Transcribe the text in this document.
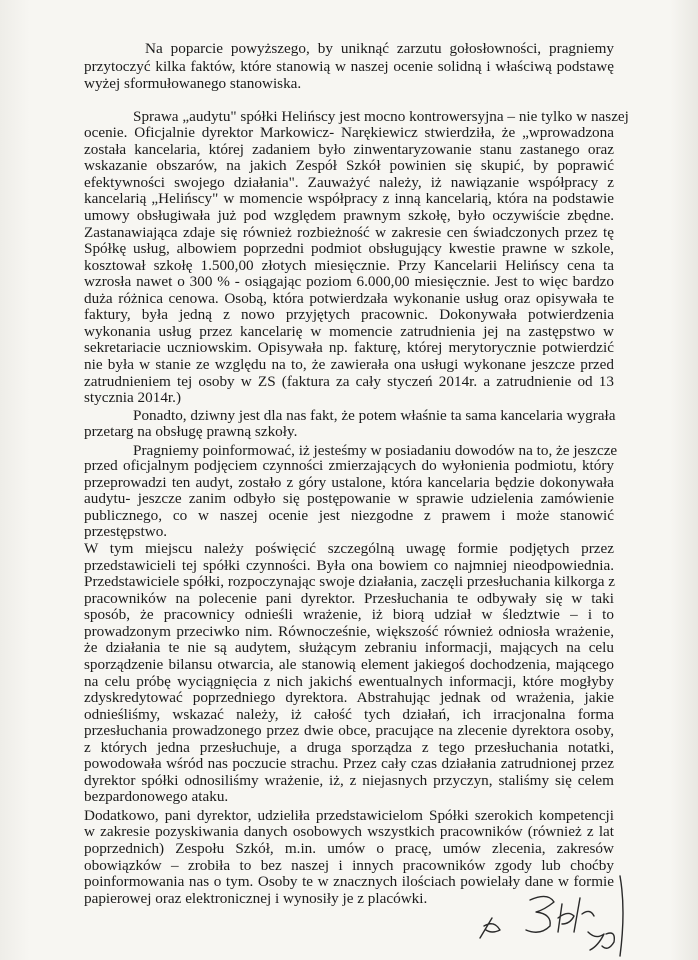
Na poparcie powyższego, by uniknąć zarzutu gołosłowności, pragniemy
przytoczyć kilka faktów, które stanowią w naszej ocenie solidną i właściwą podstawę
wyżej sformułowanego stanowiska.
Sprawa „audytu" spółki Helińscy jest mocno kontrowersyjna – nie tylko w naszej
ocenie. Oficjalnie dyrektor Markowicz- Narękiewicz stwierdziła, że „wprowadzona
została kancelaria, której zadaniem było zinwentaryzowanie stanu zastanego oraz
wskazanie obszarów, na jakich Zespół Szkół powinien się skupić, by poprawić
efektywności swojego działania". Zauważyć należy, iż nawiązanie współpracy z
kancelarią „Helińscy" w momencie współpracy z inną kancelarią, która na podstawie
umowy obsługiwała już pod względem prawnym szkołę, było oczywiście zbędne.
Zastanawiająca zdaje się również rozbieżność w zakresie cen świadczonych przez tę
Spółkę usług, albowiem poprzedni podmiot obsługujący kwestie prawne w szkole,
kosztował szkołę 1.500,00 złotych miesięcznie. Przy Kancelarii Helińscy cena ta
wzrosła nawet o 300 % - osiągając poziom 6.000,00 miesięcznie. Jest to więc bardzo
duża różnica cenowa. Osobą, która potwierdzała wykonanie usług oraz opisywała te
faktury, była jedną z nowo przyjętych pracownic. Dokonywała potwierdzenia
wykonania usług przez kancelarię w momencie zatrudnienia jej na zastępstwo w
sekretariacie uczniowskim. Opisywała np. fakturę, której merytorycznie potwierdzić
nie była w stanie ze względu na to, że zawierała ona usługi wykonane jeszcze przed
zatrudnieniem tej osoby w ZS (faktura za cały styczeń 2014r. a zatrudnienie od 13
stycznia 2014r.)
Ponadto, dziwny jest dla nas fakt, że potem właśnie ta sama kancelaria wygrała
przetarg na obsługę prawną szkoły.
Pragniemy poinformować, iż jesteśmy w posiadaniu dowodów na to, że jeszcze
przed oficjalnym podjęciem czynności zmierzających do wyłonienia podmiotu, który
przeprowadzi ten audyt, zostało z góry ustalone, która kancelaria będzie dokonywała
audytu- jeszcze zanim odbyło się postępowanie w sprawie udzielenia zamówienie
publicznego, co w naszej ocenie jest niezgodne z prawem i może stanowić
przestępstwo.
W tym miejscu należy poświęcić szczególną uwagę formie podjętych przez
przedstawicieli tej spółki czynności. Była ona bowiem co najmniej nieodpowiednia.
Przedstawiciele spółki, rozpoczynając swoje działania, zaczęli przesłuchania kilkorga z
pracowników na polecenie pani dyrektor. Przesłuchania te odbywały się w taki
sposób, że pracownicy odnieśli wrażenie, iż biorą udział w śledztwie – i to
prowadzonym przeciwko nim. Równocześnie, większość również odniosła wrażenie,
że działania te nie są audytem, służącym zebraniu informacji, mających na celu
sporządzenie bilansu otwarcia, ale stanowią element jakiegoś dochodzenia, mającego
na celu próbę wyciągnięcia z nich jakichś ewentualnych informacji, które mogłyby
zdyskredytować poprzedniego dyrektora. Abstrahując jednak od wrażenia, jakie
odnieśliśmy, wskazać należy, iż całość tych działań, ich irracjonalna forma
przesłuchania prowadzonego przez dwie obce, pracujące na zlecenie dyrektora osoby,
z których jedna przesłuchuje, a druga sporządza z tego przesłuchania notatki,
powodowała wśród nas poczucie strachu. Przez cały czas działania zatrudnionej przez
dyrektor spółki odnosiliśmy wrażenie, iż, z niejasnych przyczyn, staliśmy się celem
bezpardonowego ataku.
Dodatkowo, pani dyrektor, udzieliła przedstawicielom Spółki szerokich kompetencji
w zakresie pozyskiwania danych osobowych wszystkich pracowników (również z lat
poprzednich) Zespołu Szkół, m.in. umów o pracę, umów zlecenia, zakresów
obowiązków – zrobiła to bez naszej i innych pracowników zgody lub choćby
poinformowania nas o tym. Osoby te w znacznych ilościach powielały dane w formie
papierowej oraz elektronicznej i wynosiły je z placówki.
